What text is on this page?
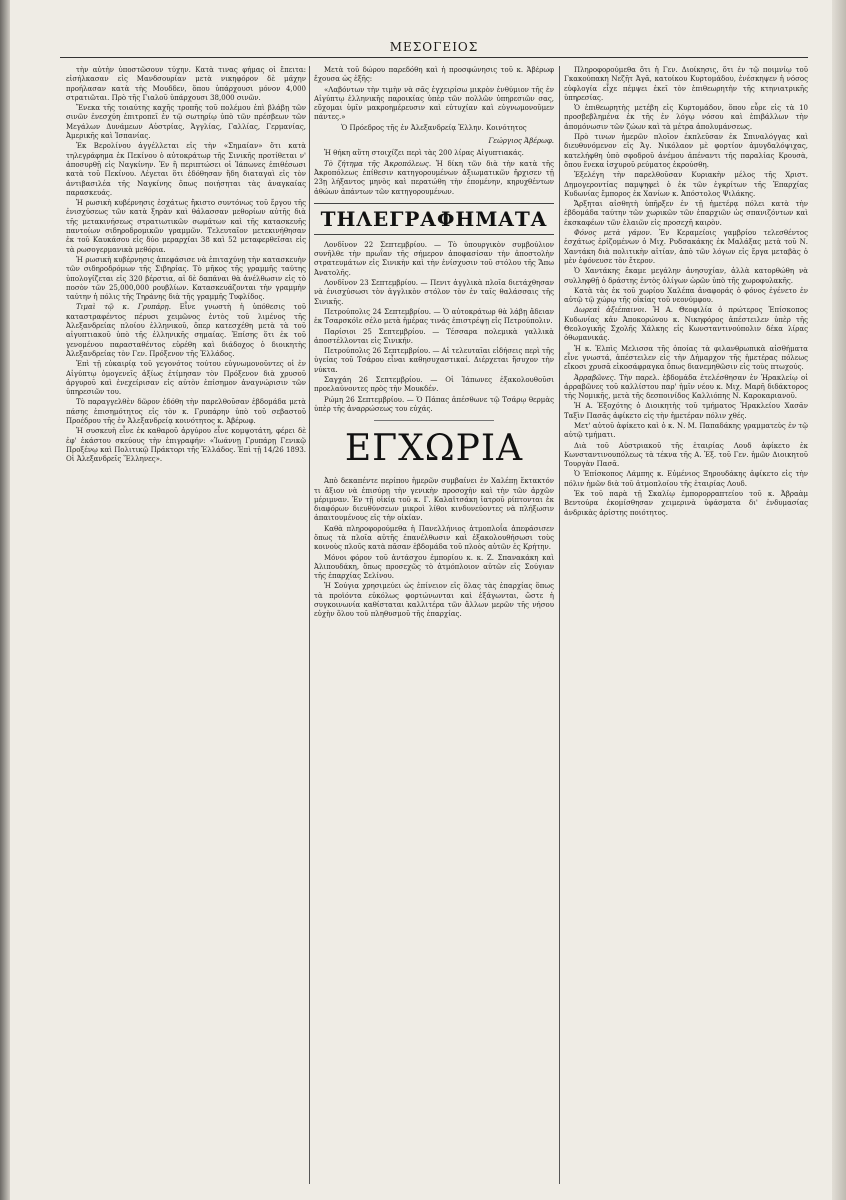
ΜΕΣΟΓΕΙΟΣ

τὴν αὐτὴν ὑποστῶσουν τύχην. Κατὰ τινας φήμας οἱ ἔπειτα: εἰσήλκασαν εἰς Μανδσουρίαν μετὰ νικηφόρον δὲ μάχην προήλασαν κατὰ τὴς Μουδδεν, ὅπου ὑπάρχουσι μόνον 4,000 στρατιῶται. Πρὸ τῆς Γιαλοῦ ὑπάρχουσι 38,000 σινῶν.

Ἔνεκα τῆς τοιαύτης καχῆς τροπῆς τοῦ πολέμου ἐπὶ βλάβῃ τῶν σινῶν ἐνεσχύη ἐπιτροπεῖ ἐν τῷ σωτηρίῳ ὑπὸ τῶν πρέσβεων τῶν Μεγάλων Δυνάμεων Αὐστρίας, Ἀγγλίας, Γαλλίας, Γερμανίας, Ἀμερικῆς καὶ Ἰσπανίας.

Ἐκ Βερολίνου ἀγγέλλεται εἰς τὴν «Σημαίαν» ὅτι κατὰ τηλεγράφημα ἐκ Πεκίνου ὁ αὐτοκράτωρ τῆς Σινικῆς προτίθεται ν' ἀποσυρθῇ εἰς Ναγκίνην. Ἐν ἢ περιπτώσει οἱ Ἰάπωνες ἐπιθέσωσι κατὰ τοῦ Πεκίνου. Λέγεται ὅτι ἐδόθησαν ἤδη διαταγαὶ εἰς τὸν ἀντιβασιλέα τῆς Ναγκίνης ὅπως ποιήσηται τὰς ἀναγκαίας παρασκευάς.

Ἡ ρωσικὴ κυβέρνησις ἐσχάτως ἤκιστο συντόνως τοῦ ἔργου τῆς ἐνισχύσεως τῶν κατὰ ξηρὰν καὶ θάλασσαν μεθορίων αὐτῆς διὰ τῆς μετακινήσεως στρατιωτικῶν σωμάτων καὶ τῆς κατασκευῆς παντοίων σιδηροδρομικῶν γραμμῶν. Τελευταῖον μετεκινήθησαν ἐκ τοῦ Καυκάσου εἰς δύο μεραρχίαι 38 καὶ 52 μεταφερθεῖσαι εἰς τὰ ρωσογερμανικὰ μεθόρια.

Ἡ ρωσικὴ κυβέρνησις ἀπεφάσισε νὰ ἐπιταχύνῃ τὴν κατασκευὴν τῶν σιδηροδρόμων τῆς Σιβηρίας. Τὸ μῆκος τῆς γραμμῆς ταύτης ὑπολογίζεται εἰς 320 βέρστια, αἱ δὲ δαπάναι θὰ ἀνέλθωσιν εἰς τὸ ποσὸν τῶν 25,000,000 ρουβλίων. Κατασκευάζονται τὴν γραμμὴν ταύτην ἡ πόλις τῆς Τηράνης διὰ τῆς γραμμῆς Τυφλίδος.

Τιμαὶ τῷ κ. Γρυπάρῃ. Εἶνε γνωστὴ ἡ ὑπόθεσις τοῦ καταστραφέντος πέρυσι χειμῶνος ἐντὸς τοῦ λιμένος τῆς Ἀλεξανδρείας πλοίου ἑλληνικοῦ, ὅπερ κατεσχέθη μετὰ τὰ τοῦ αἰγυπτιακοῦ ὑπὸ τῆς ἐλληνικῆς σημαίας. Ἐπίσης ὅτι ἐκ τοῦ γενομένου παρασταθέντος εὑρέθη καὶ διάδοχος ὁ διοικητὴς Ἀλεξανδρείας τὸν Γεν. Πρόξενον τῆς Ἑλλάδος.

Ἐπὶ τῇ εὐκαιρίᾳ τοῦ γεγονότος τούτου εὐγνωμονοῦντες οἱ ἐν Αἰγύπτῳ ὁμογενεῖς ἀξίως ἐτίμησαν τὸν Πρόξενον διὰ χρυσοῦ ἀργυροῦ καὶ ἐνεχείρισαν εἰς αὐτὸν ἐπίσημον ἀναγνώρισιν τῶν ὑπηρεσιῶν του.

Τὸ παραγγελθὲν δῶρον ἐδόθη τὴν παρελθοῦσαν ἑβδομάδα μετὰ πάσης ἐπισημότητος εἰς τὸν κ. Γρυπάρην ὑπὸ τοῦ σεβαστοῦ Προέδρου τῆς ἐν Ἀλεξανδρείᾳ κοινότητος κ. Ἀβέρωφ.

Ἡ συσκευὴ εἶνε ἐκ καθαροῦ ἀργύρου εἶνε κομψοτάτη, φέρει δὲ ἐφ' ἑκάστου σκεύους τὴν ἐπιγραφήν: «Ἰωάννῃ Γρυπάρῃ Γενικῷ Προξένῳ καὶ Πολιτικῷ Πράκτορι τῆς Ἑλλάδος. Ἐπὶ τῇ 14/26 1893. Οἱ Ἀλεξανδρεῖς Ἕλληνες».

Μετὰ τοῦ δώρου παρεδόθη καὶ ἡ προσφώνησις τοῦ κ. Ἀβέρωφ ἔχουσα ὡς ἑξῆς:

«Λαβόντων τὴν τιμὴν νὰ σᾶς ἐγχειρίσω μικρὸν ἐνθύμιον τῆς ἐν Αἰγύπτῳ ἑλληνικῆς παροικίας ὑπὲρ τῶν πολλῶν ὑπηρεσιῶν σας, εὔχομαι ὑμῖν μακροημέρευσιν καὶ εὐτυχίαν καὶ εὐγνωμονοῦμεν πάντες.»

Ὁ Πρόεδρος τῆς ἐν Ἀλεξανδρείᾳ Ἑλλην. Κοινότητος
Γεώργιος Ἀβέρωφ.

Ἡ θήκη αὕτη στοιχίζει περὶ τὰς 200 λίρας Αἰγυπτιακάς.

Τὸ ζήτημα τῆς Ἀκροπόλεως. Ἡ δίκη τῶν διὰ τὴν κατὰ τῆς Ἀκροπόλεως ἐπίθεσιν κατηγορουμένων ἀξιωματικῶν ἤρχισεν τῇ 23ῃ λήξαντος μηνὸς καὶ περατώθη τὴν ἐπομένην, κηρυχθέντων ἀθώων ἁπάντων τῶν κατηγορουμένων.

ΤΗΛΕΓΡΑΦΗΜΑΤΑ

Λονδῖνον 22 Σεπτεμβρίου. — Τὸ ὑπουργικὸν συμβούλιον συνῆλθε τὴν πρωΐαν τῆς σήμερον ἀποφασίσαν τὴν ἀποστολὴν στρατευμάτων εἰς Σινικὴν καὶ τὴν ἐνίσχυσιν τοῦ στόλου τῆς Ἄπω Ἀνατολῆς.

Λονδῖνον 23 Σεπτεμβρίου. — Πενιτ ἀγγλικὰ πλοῖα διετάχθησαν νὰ ἐνισχύσωσι τὸν ἀγγλικὸν στόλον τὸν ἐν ταῖς θαλάσσαις τῆς Σινικῆς.

Πετρούπολις 24 Σεπτεμβρίου. — Ὁ αὐτοκράτωρ θὰ λάβῃ ἄδειαν ἐκ Τσαρσκόϊε σέλο μετὰ ἡμέρας τινάς ἐπιστρέψῃ εἰς Πετρούπολιν.

Παρίσιοι 25 Σεπτεμβρίου. — Τέσσαρα πολεμικὰ γαλλικὰ ἀποστέλλονται εἰς Σινικήν.

Πετρούπολις 26 Σεπτεμβρίου. — Αἱ τελευταῖαι εἰδήσεις περὶ τῆς ὑγείας τοῦ Τσάρου εἶναι καθησυχαστικαί. Διέρχεται ἥσυχον τὴν νύκτα.

Σαγχάη 26 Σεπτεμβρίου. — Οἱ Ἰάπωνες ἐξακολουθοῦσι προελαύνοντες πρὸς τὴν Μουκδέν.

Ρώμη 26 Σεπτεμβρίου. — Ὁ Πάπας ἀπέσθωνε τῷ Τσάρῳ θερμὰς ὑπὲρ τῆς ἀναρρώσεως του εὐχάς.

ΕΓΧΩΡΙΑ

Ἀπὸ δεκαπέντε περίπου ἡμερῶν συμβαίνει ἐν Χαλέπῃ ἔκτακτόν τι ἄξιον νὰ ἐπισύρῃ τὴν γενικὴν προσοχὴν καὶ τὴν τῶν ἀρχῶν μέριμναν. Ἐν τῇ οἰκίᾳ τοῦ κ. Γ. Καλαϊτσάκη ἰατροῦ ρίπτονται ἐκ διαφόρων διευθύνσεων μικροὶ λίθοι κινδυνεύοντες νὰ πλήξωσιν ἀπαιτουμένους εἰς τὴν οἰκίαν.

Καθὰ πληροφορούμεθα ἡ Πανελλήνιος ἀτμοπλοΐα ἀπεφάσισεν ὅπως τὰ πλοῖα αὐτῆς ἐπανέλθωσιν καὶ ἐξακολουθήσωσι τοὺς κοινοὺς πλοῦς κατὰ πᾶσαν ἑβδομάδα τοῦ πλοὸς αὐτῶν ἐς Κρήτην.

Μόνοι φόρον τοῦ ἀντάσχου ἐμπορίου κ. κ. Ζ. Σπανακάκη καὶ Ἀλιπουδάκη, ὅπως προσεχῶς τὸ ἀτμόπλοιον αὐτῶν εἰς Σούγιαν τῆς ἐπαρχίας Σελίνου.

Ἡ Σούγια χρησιμεύει ὡς ἐπίνειον εἰς ὅλας τὰς ἐπαρχίας ὅπως τὰ προϊόντα εὐκόλως φορτώνωνται καὶ ἐξάγωνται, ὥστε ἡ συγκοινωνία καθίσταται καλλιτέρα τῶν ἄλλων μερῶν τῆς νήσου εὐχὴν ὅλου τοῦ πληθυσμοῦ τῆς ἐπαρχίας.

Πληροφορούμεθα ὅτι ἡ Γεν. Διοίκησις, ὅτι ἐν τῷ ποιμνίῳ τοῦ Γκακούπακη Νεζῆτ Ἀγᾶ, κατοίκου Κυρτομάδου, ἐνέσκηψεν ἡ νόσος εὐφλογία εἶχε πέμψει ἐκεῖ τὸν ἐπιθεωρητὴν τῆς κτηνιατρικῆς ὑπηρεσίας.

Ὁ ἐπιθεωρητὴς μετέβη εἰς Κυρτομάδον, ὅπου εὗρε εἰς τὰ 10 προσβεβλημένα ἐκ τῆς ἐν λόγῳ νόσου καὶ ἐπιβάλλων τὴν ἀπομόνωσιν τῶν ζώων καὶ τὰ μέτρα ἀπολυμάνσεως.

Πρὸ τινων ἡμερῶν πλοῖον ἐκπλεῦσαν ἐκ Σπιναλόγγας καὶ διευθυνόμενον εἰς Ἁγ. Νικόλαον μὲ φορτίον ἀμυγδαλόψιχας, κατελήφθη ὑπὸ σφοδροῦ ἀνέμου ἀπέναντι τῆς παραλίας Κρουσὰ, ὅπου ἔνεκα ἰσχυροῦ ρεύματος ἐκρούσθη.

Ἐξελέγη τὴν παρελθοῦσαν Κυριακὴν μέλος τῆς Χριστ. Δημογεροντίας παμψηφεὶ ὁ ἐκ τῶν ἐγκρίτων τῆς Ἐπαρχίας Κυδωνίας ἔμπορος ἐκ Χανίων κ. Ἀπόστολος Ψιλάκης.

Ἄρξηται αἰσθητὴ ὑπῆρξεν ἐν τῇ ἡμετέρᾳ πόλει κατὰ τὴν ἑβδομάδα ταύτην τῶν χωρικῶν τῶν ἐπαρχιῶν ὡς σπανιζόντων καὶ ἐκσκαφέων τῶν ἐλαιῶν εἰς προσεχῆ καιρὸν.

Φόνος μετὰ γάμον. Ἐν Κεραμείοις γαμβρίου τελεσθέντος ἐσχάτως ἐρίζομένων ὁ Μιχ. Ρυδσακάκης ἐκ Μαλάξας μετὰ τοῦ Ν. Χαντάκη διὰ πολιτικὴν αἰτίαν, ἀπὸ τῶν λόγων εἰς ἔργα μεταβὰς ὁ μὲν ἐφόνευσε τὸν ἕτερον.

Ὁ Χαντάκης ἔκαμε μεγάλην ἀνησυχίαν, ἀλλὰ κατορθώθη νὰ συλληφθῇ ὁ δράστης ἐντὸς ὀλίγων ὡρῶν ὑπὸ τῆς χωροφυλακῆς.

Κατὰ τὰς ἐκ τοῦ χωρίου Χαλέπα ἀναφοράς ὁ φόνος ἐγένετο ἐν αὐτῷ τῷ χώρῳ τῆς οἰκίας τοῦ νεονύμφου.

Δωρεαὶ ἀξιέπαινοι. Ἡ Α. Θεοφιλία ὁ πρώτερος Ἐπίσκοπος Κυδωνίας κἀν Ἀποκορώνου κ. Νικηφόρος ἀπέστειλεν ὑπὲρ τῆς Θεολογικῆς Σχολῆς Χάλκης εἰς Κωνσταντινούπολιν δέκα λίρας ὀθωμανικάς.

Ἡ κ. Ἐλπὶς Μελισσα τῆς ὁποίας τὰ φιλανθρωπικὰ αἰσθήματα εἶνε γνωστά, ἀπέστειλεν εἰς τὴν Δήμαρχον τῆς ἡμετέρας πόλεως εἴκοσι χρυσᾶ εἰκοσάφραγκα ὅπως διανεμηθῶσιν εἰς τοὺς πτωχούς.

Ἀρραβῶνες. Τὴν παρελ. ἑβδομάδα ἐτελέσθησαν ἐν Ἡρακλείῳ οἱ ἀρραβῶνες τοῦ καλλίστου παρ' ἡμῖν νέου κ. Μιχ. Μαρῆ διδάκτορος τῆς Νομικῆς, μετὰ τῆς δεσποινίδος Καλλιόπης Ν. Καροκαριανοῦ.

Ἡ Α. Ἐξοχότης ὁ Διοικητὴς τοῦ τμήματος Ἡρακλείου Χασᾶν Ταξὶν Πασᾶς ἀφίκετο εἰς τὴν ἡμετέραν πόλιν χθές.

Μετ' αὐτοῦ ἀφίκετο καὶ ὁ κ. Ν. Μ. Παπαδάκης γραμματεὺς ἐν τῷ αὐτῷ τμήματι.

Διὰ τοῦ Αὐστριακοῦ τῆς ἑταιρίας Λουδ ἀφίκετο ἐκ Κωνσταντινουπόλεως τὰ τέκνα τῆς Α. Ἐξ. τοῦ Γεν. ἡμῶν Διοικητοῦ Τουργὰν Πασᾶ.

Ὁ Ἐπίσκοπος Λάμπης κ. Εὐμένιος Ξηρουδάκης ἀφίκετο εἰς τὴν πόλιν ἡμῶν διὰ τοῦ ἀτμοπλοίου τῆς ἑταιρίας Λουδ.

Ἐκ τοῦ παρὰ τῇ Σκαλίῳ ἐμπορορραπτείου τοῦ κ. Ἀβραὰμ Βεντούρα ἐκομίσθησαν χειμερινὰ ὑφάσματα δι' ἐνδυμασίας ἀνδρικὰς ἀρίστης ποιότητος.
